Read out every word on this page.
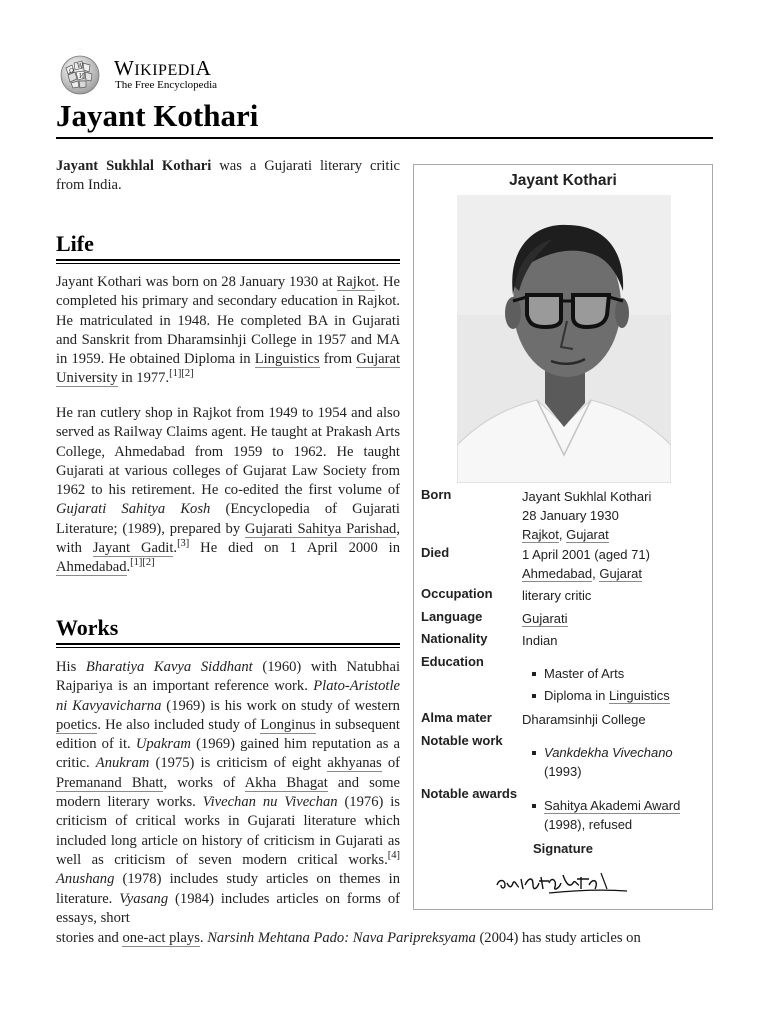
Ω
W
И WIKIPEDIA
The Free Encyclopedia
Jayant Kothari

Jayant Sukhlal Kothari was a Gujarati literary critic from India.

Life

Jayant Kothari was born on 28 January 1930 at Rajkot. He completed his primary and secondary education in Rajkot. He matriculated in 1948. He completed BA in Gujarati and Sanskrit from Dharamsinhji College in 1957 and MA in 1959. He obtained Diploma in Linguistics from Gujarat University in 1977.[1][2]

He ran cutlery shop in Rajkot from 1949 to 1954 and also served as Railway Claims agent. He taught at Prakash Arts College, Ahmedabad from 1959 to 1962. He taught Gujarati at various colleges of Gujarat Law Society from 1962 to his retirement. He co-edited the first volume of Gujarati Sahitya Kosh (Encyclopedia of Gujarati Literature; (1989), prepared by Gujarati Sahitya Parishad, with Jayant Gadit.[3] He died on 1 April 2000 in Ahmedabad.[1][2]

Works

His Bharatiya Kavya Siddhant (1960) with Natubhai Rajpariya is an important reference work. Plato-Aristotle ni Kavyavicharna (1969) is his work on study of western poetics. He also included study of Longinus in subsequent edition of it. Upakram (1969) gained him reputation as a critic. Anukram (1975) is criticism of eight akhyanas of Premanand Bhatt, works of Akha Bhagat and some modern literary works. Vivechan nu Vivechan (1976) is criticism of critical works in Gujarati literature which included long article on history of criticism in Gujarati as well as criticism of seven modern critical works.[4] Anushang (1978) includes study articles on themes in literature. Vyasang (1984) includes articles on forms of essays, short

stories and one-act plays. Narsinh Mehtana Pado: Nava Paripreksyama (2004) has study articles on

Jayant Kothari
Born	Jayant Sukhlal Kothari
28 January 1930
Rajkot, Gujarat
Died	1 April 2001 (aged 71)
Ahmedabad, Gujarat
Occupation	literary critic
Language	Gujarati
Nationality	Indian
Education
Master of Arts
Diploma in Linguistics
Alma mater	Dharamsinhji College
Notable work
Vankdekha Vivechano (1993)
Notable awards
Sahitya Akademi Award (1998), refused
Signature
